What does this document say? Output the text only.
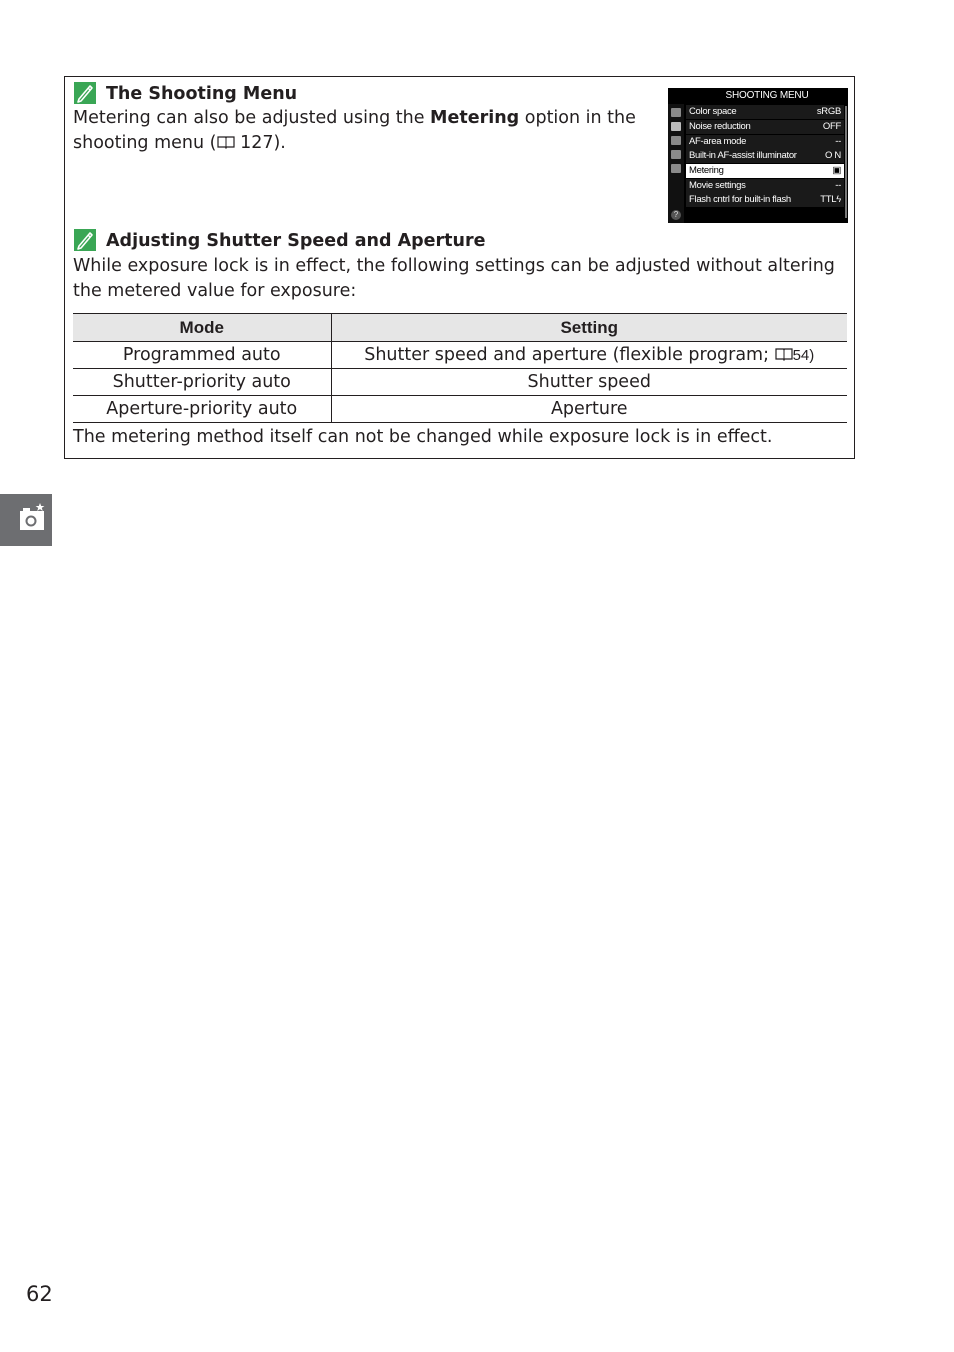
The Shooting Menu
Metering can also be adjusted using the Metering option in the
shooting menu ( 127).
SHOOTING MENU
?
Color space	sRGB
Noise reduction	OFF
AF-area mode	--
Built-in AF-assist illuminator	O N
Metering	▣
Movie settings	--
Flash cntrl for built-in flash	TTLϟ
Adjusting Shutter Speed and Aperture
While exposure lock is in effect, the following settings can be adjusted without altering the metered value for exposure:
Mode	Setting
Programmed auto	Shutter speed and aperture (flexible program; 54)
Shutter-priority auto	Shutter speed
Aperture-priority auto	Aperture
The metering method itself can not be changed while exposure lock is in effect.
62
